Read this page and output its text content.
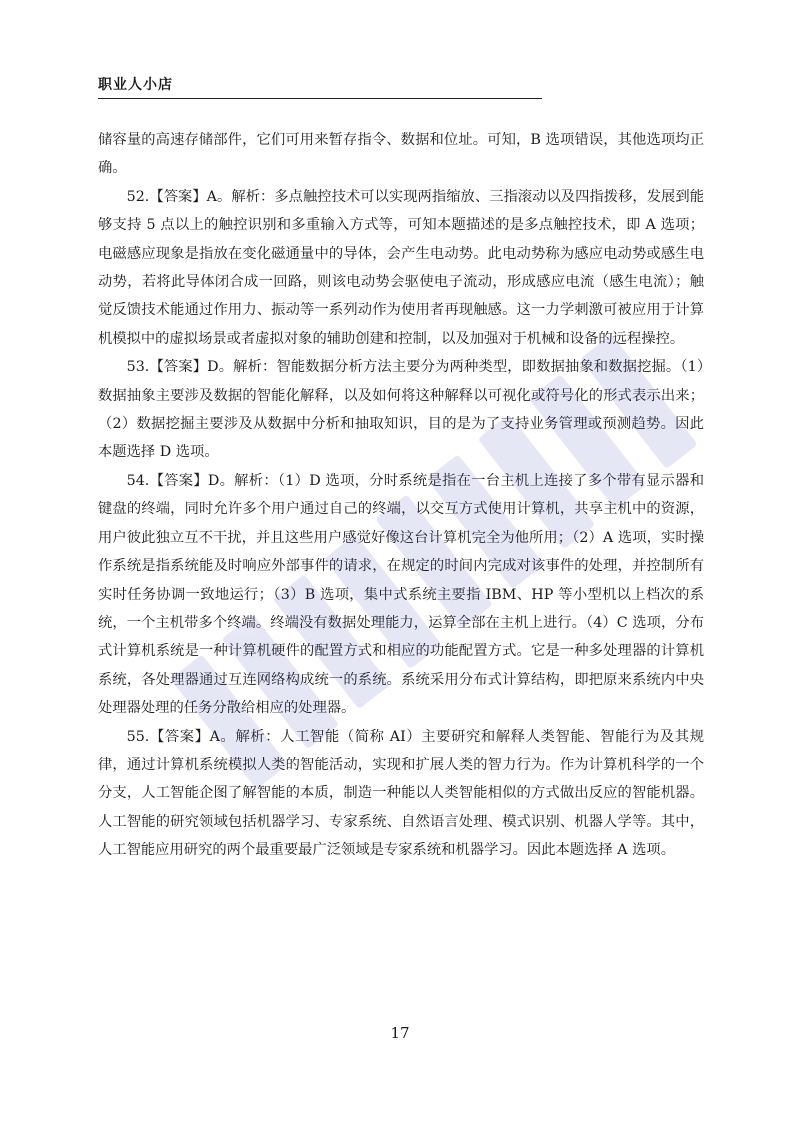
职业人小店

储容量的高速存储部件，它们可用来暂存指令、数据和位址。可知，B 选项错误，其他选项均正确。

52.【答案】A。解析：多点触控技术可以实现两指缩放、三指滚动以及四指拨移，发展到能够支持 5 点以上的触控识别和多重输入方式等，可知本题描述的是多点触控技术，即 A 选项；电磁感应现象是指放在变化磁通量中的导体，会产生电动势。此电动势称为感应电动势或感生电动势，若将此导体闭合成一回路，则该电动势会驱使电子流动，形成感应电流（感生电流）；触觉反馈技术能通过作用力、振动等一系列动作为使用者再现触感。这一力学刺激可被应用于计算机模拟中的虚拟场景或者虚拟对象的辅助创建和控制，以及加强对于机械和设备的远程操控。

53.【答案】D。解析：智能数据分析方法主要分为两种类型，即数据抽象和数据挖掘。（1）数据抽象主要涉及数据的智能化解释，以及如何将这种解释以可视化或符号化的形式表示出来；（2）数据挖掘主要涉及从数据中分析和抽取知识，目的是为了支持业务管理或预测趋势。因此本题选择 D 选项。

54.【答案】D。解析：（1）D 选项，分时系统是指在一台主机上连接了多个带有显示器和键盘的终端，同时允许多个用户通过自己的终端，以交互方式使用计算机，共享主机中的资源，用户彼此独立互不干扰，并且这些用户感觉好像这台计算机完全为他所用；（2）A 选项，实时操作系统是指系统能及时响应外部事件的请求，在规定的时间内完成对该事件的处理，并控制所有实时任务协调一致地运行；（3）B 选项，集中式系统主要指 IBM、HP 等小型机以上档次的系统，一个主机带多个终端。终端没有数据处理能力，运算全部在主机上进行。（4）C 选项，分布式计算机系统是一种计算机硬件的配置方式和相应的功能配置方式。它是一种多处理器的计算机系统，各处理器通过互连网络构成统一的系统。系统采用分布式计算结构，即把原来系统内中央处理器处理的任务分散给相应的处理器。

55.【答案】A。解析：人工智能（简称 AI）主要研究和解释人类智能、智能行为及其规律，通过计算机系统模拟人类的智能活动，实现和扩展人类的智力行为。作为计算机科学的一个分支，人工智能企图了解智能的本质，制造一种能以人类智能相似的方式做出反应的智能机器。人工智能的研究领域包括机器学习、专家系统、自然语言处理、模式识别、机器人学等。其中，人工智能应用研究的两个最重要最广泛领域是专家系统和机器学习。因此本题选择 A 选项。

17
